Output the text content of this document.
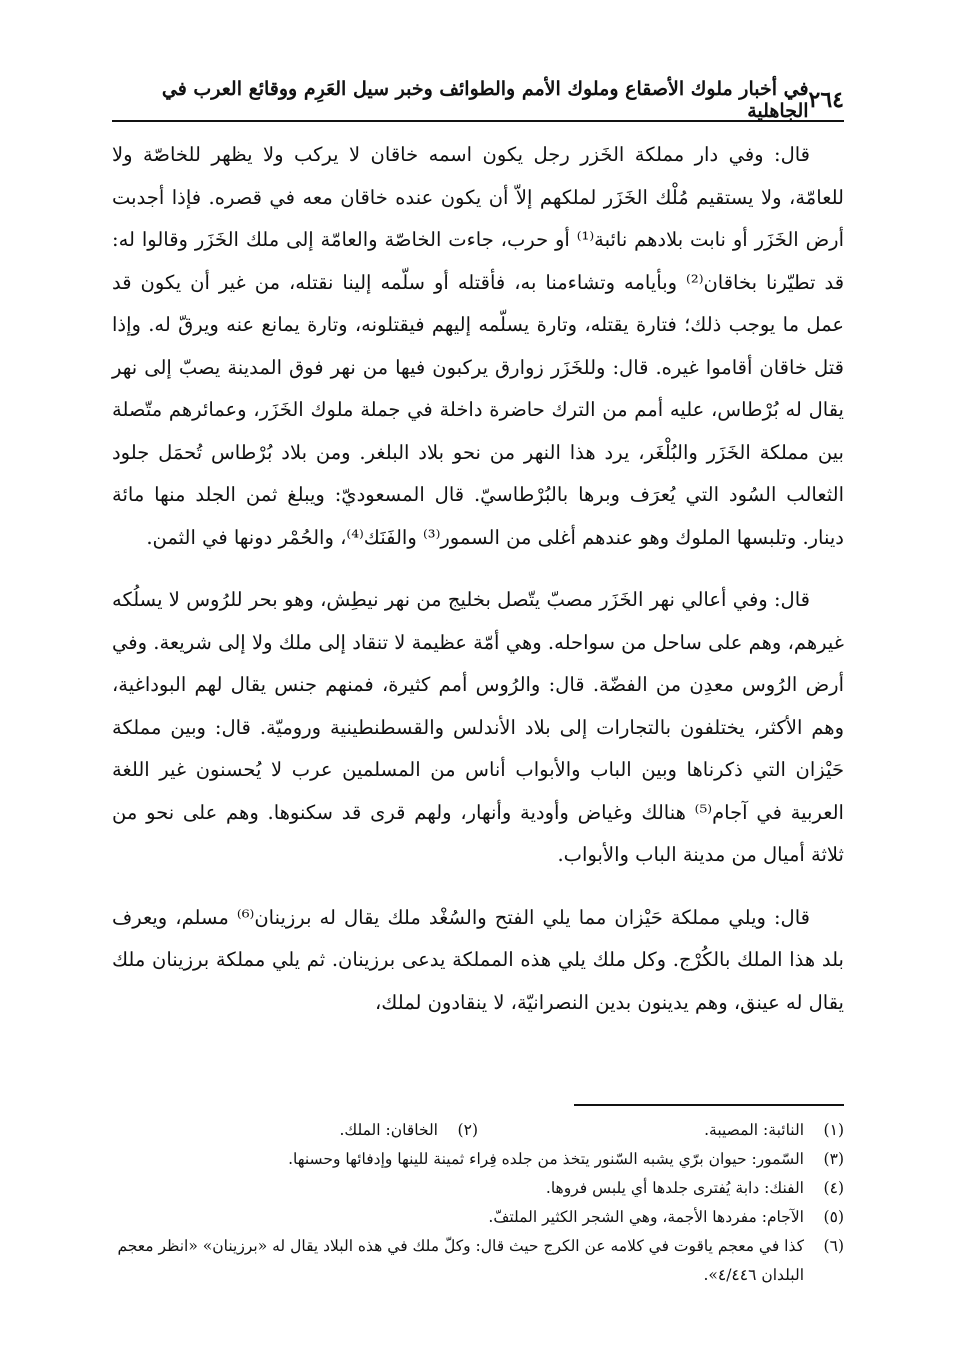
٢٦٤
في أخبار ملوك الأصقاع وملوك الأمم والطوائف وخبر سيل العَرِم ووقائع العرب في الجاهلية

قال: وفي دار مملكة الخَزر رجل يكون اسمه خاقان لا يركب ولا يظهر للخاصّة ولا للعامّة، ولا يستقيم مُلْك الخَزَر لملكهم إلاّ أن يكون عنده خاقان معه في قصره. فإذا أجدبت أرض الخَزَر أو نابت بلادهم نائبة⁽¹⁾ أو حرب، جاءت الخاصّة والعامّة إلى ملك الخَزَر وقالوا له: قد تطيّرنا بخاقان⁽²⁾ وبأيامه وتشاءمنا به، فأقتله أو سلّمه إلينا نقتله، من غير أن يكون قد عمل ما يوجب ذلك؛ فتارة يقتله، وتارة يسلّمه إليهم فيقتلونه، وتارة يمانع عنه ويرقّ له. وإذا قتل خاقان أقاموا غيره. قال: وللخَزَر زوارق يركبون فيها من نهر فوق المدينة يصبّ إلى نهر يقال له بُرْطاس، عليه أمم من الترك حاضرة داخلة في جملة ملوك الخَزَر، وعمائرهم متّصلة بين مملكة الخَزَر والبُلْغَر، يرد هذا النهر من نحو بلاد البلغر. ومن بلاد بُرْطاس تُحمَل جلود الثعالب السُود التي يُعرَف وبرها بالبُرْطاسيّ. قال المسعوديّ: ويبلغ ثمن الجلد منها مائة دينار. وتلبسها الملوك وهو عندهم أغلى من السمور⁽³⁾ والفَنَك⁽⁴⁾، والحُمْر دونها في الثمن.

قال: وفي أعالي نهر الخَزَر مصبّ يتّصل بخليج من نهر نيطِش، وهو بحر للرُوس لا يسلُكه غيرهم، وهم على ساحل من سواحله. وهي أمّة عظيمة لا تنقاد إلى ملك ولا إلى شريعة. وفي أرض الرُوس معدِن من الفضّة. قال: والرُوس أمم كثيرة، فمنهم جنس يقال لهم البوداغية، وهم الأكثر، يختلفون بالتجارات إلى بلاد الأندلس والقسطنطينية وروميّة. قال: وبين مملكة حَيْزان التي ذكرناها وبين الباب والأبواب أناس من المسلمين عرب لا يُحسنون غير اللغة العربية في آجام⁽⁵⁾ هنالك وغياض وأودية وأنهار، ولهم قرى قد سكنوها. وهم على نحو من ثلاثة أميال من مدينة الباب والأبواب.

قال: ويلي مملكة حَيْزان مما يلي الفتح والسُغْد ملك يقال له برزينان⁽⁶⁾ مسلم، ويعرف بلد هذا الملك بالكُرْج. وكل ملك يلي هذه المملكة يدعى برزينان. ثم يلي مملكة برزينان ملك يقال له عينق، وهم يدينون بدين النصرانيّة، لا ينقادون لملك،

(١)
النائبة: المصيبة.
(٢)
الخاقان: الملك.
(٣)
السّمور: حيوان برّي يشبه السّنور يتخذ من جلده فِراء ثمينة للينها وإدفائها وحسنها.
(٤)
الفنك: دابة يُفترى جلدها أي يلبس فروها.
(٥)
الآجام: مفردها الأجمة، وهي الشجر الكثير الملتفّ.
(٦)
كذا في معجم ياقوت في كلامه عن الكرج حيث قال: وكلّ ملك في هذه البلاد يقال له «برزينان» «انظر معجم البلدان ٤/٤٤٦».
